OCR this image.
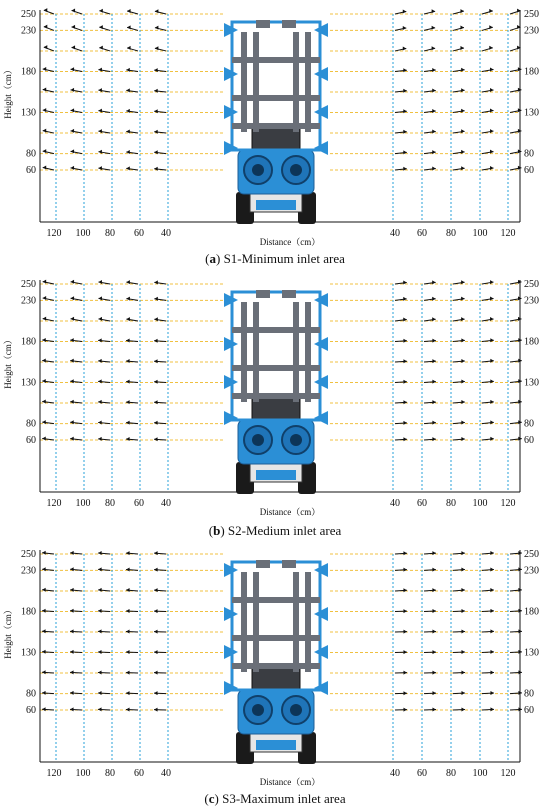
250	250
230	230
180	180
130	130
80	80
60	60
120 100 80 60 40	40 60 80 100 120
Distance（cm）
Height（cm）
(a) S1-Minimum inlet area
250	250
230	230
180	180
130	130
80	80
60	60
120 100 80 60 40	40 60 80 100 120
Distance（cm）
Height（cm）
(b) S2-Medium inlet area
250	250
230	230
180	180
130	130
80	80
60	60
120 100 80 60 40	40 60 80 100 120
Distance（cm）
Height（cm）
(c) S3-Maximum inlet area
